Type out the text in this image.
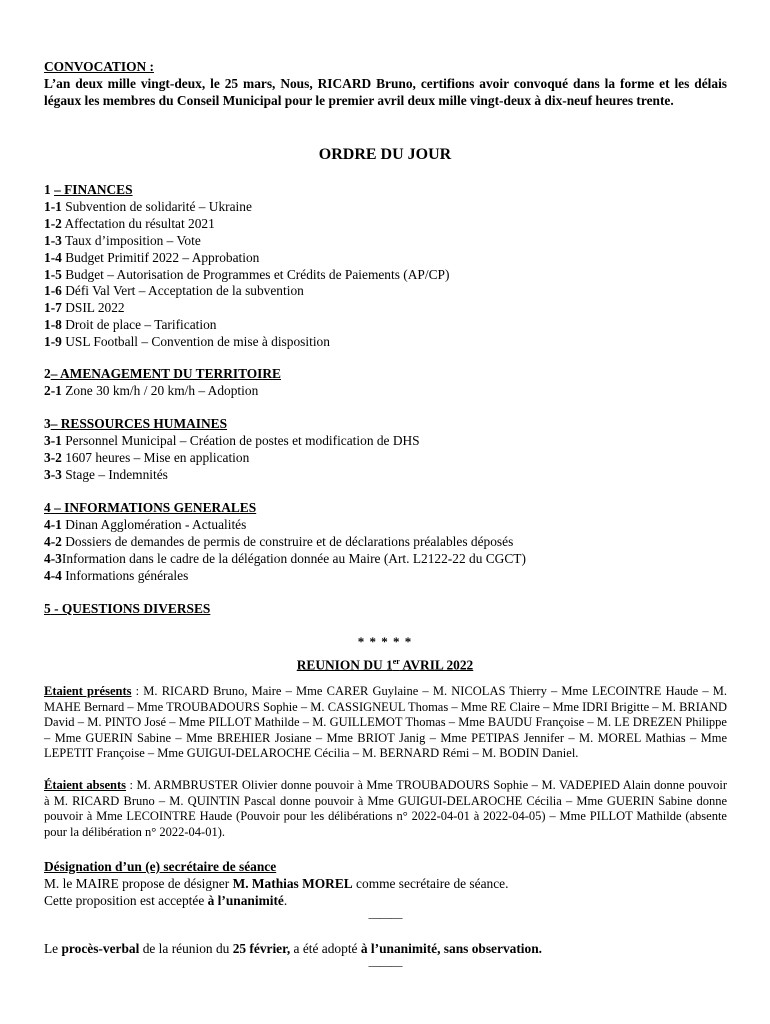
CONVOCATION :
L’an deux mille vingt-deux, le 25 mars, Nous, RICARD Bruno, certifions avoir convoqué dans la forme et les délais légaux les membres du Conseil Municipal pour le premier avril deux mille vingt-deux à dix-neuf heures trente.
ORDRE DU JOUR
1 – FINANCES
1-1 Subvention de solidarité – Ukraine
1-2 Affectation du résultat 2021
1-3 Taux d’imposition – Vote
1-4 Budget Primitif 2022 – Approbation
1-5 Budget – Autorisation de Programmes et Crédits de Paiements (AP/CP)
1-6 Défi Val Vert – Acceptation de la subvention
1-7 DSIL 2022
1-8 Droit de place – Tarification
1-9 USL Football – Convention de mise à disposition
2– AMENAGEMENT DU TERRITOIRE
2-1 Zone 30 km/h / 20 km/h – Adoption
3– RESSOURCES HUMAINES
3-1 Personnel Municipal – Création de postes et modification de DHS
3-2 1607 heures – Mise en application
3-3 Stage – Indemnités
4 – INFORMATIONS GENERALES
4-1 Dinan Agglomération - Actualités
4-2 Dossiers de demandes de permis de construire et de déclarations préalables déposés
4-3Information dans le cadre de la délégation donnée au Maire (Art. L2122-22 du CGCT)
4-4 Informations générales
5 - QUESTIONS DIVERSES
* * * * *
REUNION DU 1er AVRIL 2022
Etaient présents : M. RICARD Bruno, Maire – Mme CARER Guylaine – M. NICOLAS Thierry – Mme LECOINTRE Haude – M. MAHE Bernard – Mme TROUBADOURS Sophie – M. CASSIGNEUL Thomas – Mme RE Claire – Mme IDRI Brigitte – M. BRIAND David – M. PINTO José – Mme PILLOT Mathilde – M. GUILLEMOT Thomas – Mme BAUDU Françoise – M. LE DREZEN Philippe – Mme GUERIN Sabine – Mme BREHIER Josiane – Mme BRIOT Janig – Mme PETIPAS Jennifer – M. MOREL Mathias – Mme LEPETIT Françoise – Mme GUIGUI-DELAROCHE Cécilia – M. BERNARD Rémi – M. BODIN Daniel.
Étaient absents : M. ARMBRUSTER Olivier donne pouvoir à Mme TROUBADOURS Sophie – M. VADEPIED Alain donne pouvoir à M. RICARD Bruno – M. QUINTIN Pascal donne pouvoir à Mme GUIGUI-DELAROCHE Cécilia – Mme GUERIN Sabine donne pouvoir à Mme LECOINTRE Haude (Pouvoir pour les délibérations n° 2022-04-01 à 2022-04-05) – Mme PILLOT Mathilde (absente pour la délibération n° 2022-04-01).
Désignation d’un (e) secrétaire de séance
M. le MAIRE propose de désigner M. Mathias MOREL comme secrétaire de séance.
Cette proposition est acceptée à l’unanimité.
———
Le procès-verbal de la réunion du 25 février, a été adopté à l’unanimité, sans observation.
———
